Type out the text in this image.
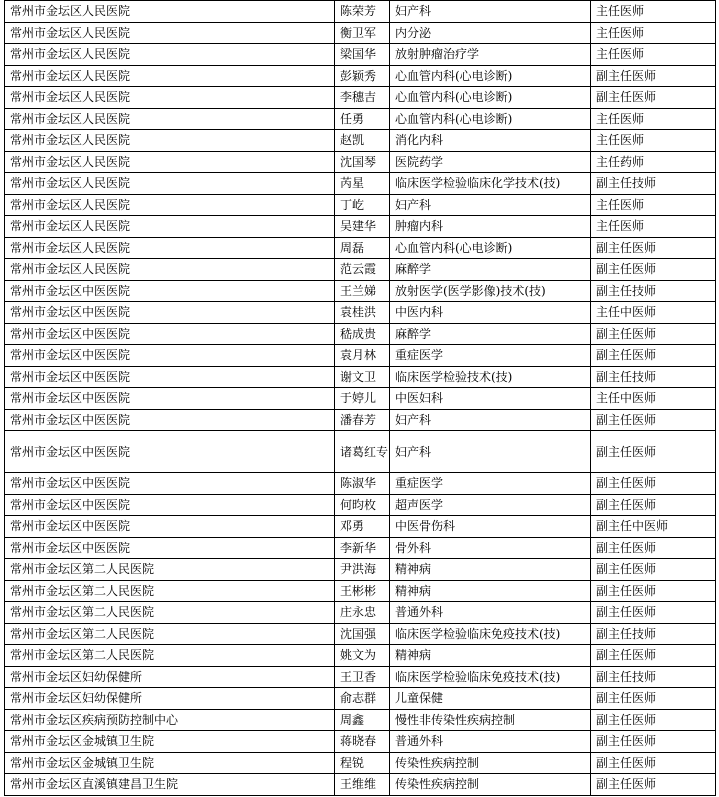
常州市金坛区人民医院	陈荣芳	妇产科	主任医师
常州市金坛区人民医院	衡卫军	内分泌	主任医师
常州市金坛区人民医院	梁国华	放射肿瘤治疗学	主任医师
常州市金坛区人民医院	彭颖秀	心血管内科(心电诊断)	副主任医师
常州市金坛区人民医院	李穗吉	心血管内科(心电诊断)	副主任医师
常州市金坛区人民医院	任勇	心血管内科(心电诊断)	主任医师
常州市金坛区人民医院	赵凯	消化内科	主任医师
常州市金坛区人民医院	沈国琴	医院药学	主任药师
常州市金坛区人民医院	芮星	临床医学检验临床化学技术(技)	副主任技师
常州市金坛区人民医院	丁屹	妇产科	主任医师
常州市金坛区人民医院	吴建华	肿瘤内科	主任医师
常州市金坛区人民医院	周磊	心血管内科(心电诊断)	副主任医师
常州市金坛区人民医院	范云霞	麻醉学	副主任医师
常州市金坛区中医医院	王兰娣	放射医学(医学影像)技术(技)	副主任技师
常州市金坛区中医医院	袁桂洪	中医内科	主任中医师
常州市金坛区中医医院	嵇成贵	麻醉学	副主任医师
常州市金坛区中医医院	袁月林	重症医学	副主任医师
常州市金坛区中医医院	谢文卫	临床医学检验技术(技)	副主任技师
常州市金坛区中医医院	于婷儿	中医妇科	主任中医师
常州市金坛区中医医院	潘春芳	妇产科	副主任医师
常州市金坛区中医医院	诸葛红专	妇产科	副主任医师
常州市金坛区中医医院	陈淑华	重症医学	副主任医师
常州市金坛区中医医院	何昀枚	超声医学	副主任医师
常州市金坛区中医医院	邓勇	中医骨伤科	副主任中医师
常州市金坛区中医医院	李新华	骨外科	副主任医师
常州市金坛区第二人民医院	尹洪海	精神病	副主任医师
常州市金坛区第二人民医院	王彬彬	精神病	副主任医师
常州市金坛区第二人民医院	庄永忠	普通外科	副主任医师
常州市金坛区第二人民医院	沈国强	临床医学检验临床免疫技术(技)	副主任技师
常州市金坛区第二人民医院	姚文为	精神病	副主任医师
常州市金坛区妇幼保健所	王卫香	临床医学检验临床免疫技术(技)	副主任技师
常州市金坛区妇幼保健所	俞志群	儿童保健	副主任医师
常州市金坛区疾病预防控制中心	周鑫	慢性非传染性疾病控制	副主任医师
常州市金坛区金城镇卫生院	蒋晓春	普通外科	副主任医师
常州市金坛区金城镇卫生院	程锐	传染性疾病控制	副主任医师
常州市金坛区直溪镇建昌卫生院	王维维	传染性疾病控制	副主任医师
